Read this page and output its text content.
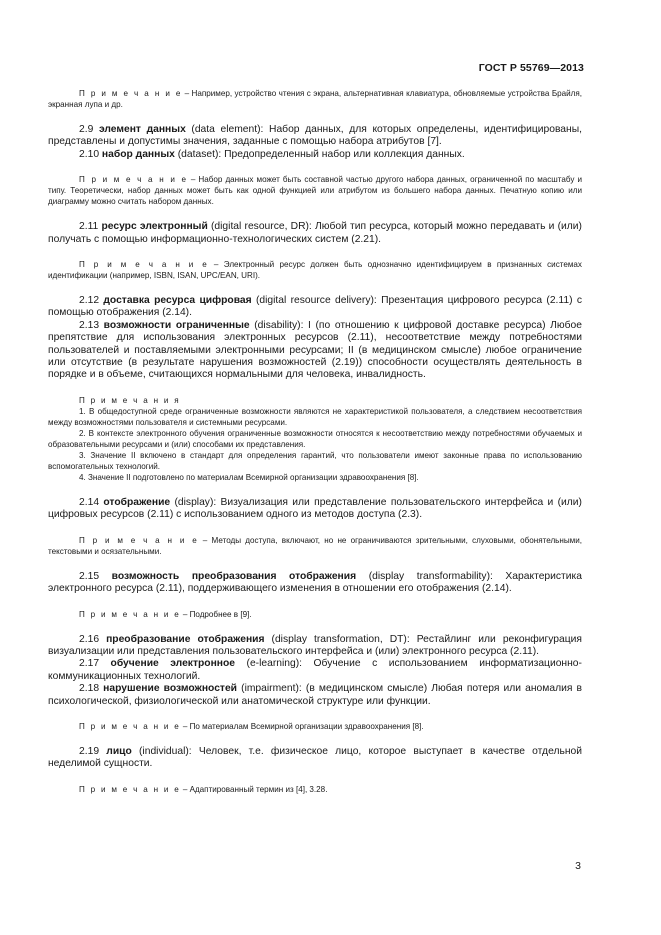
ГОСТ Р 55769—2013

П р и м е ч а н и е – Например, устройство чтения с экрана, альтернативная клавиатура, обновляемые устройства Брайля, экранная лупа и др.

2.9 элемент данных (data element): Набор данных, для которых определены, идентифицированы, представлены и допустимы значения, заданные с помощью набора атрибутов [7].

2.10 набор данных (dataset): Предопределенный набор или коллекция данных.

П р и м е ч а н и е – Набор данных может быть составной частью другого набора данных, ограниченной по масштабу и типу. Теоретически, набор данных может быть как одной функцией или атрибутом из большего набора данных. Печатную копию или диаграмму можно считать набором данных.

2.11 ресурс электронный (digital resource, DR): Любой тип ресурса, который можно передавать и (или) получать с помощью информационно-технологических систем (2.21).

П р и м е ч а н и е – Электронный ресурс должен быть однозначно идентифицируем в признанных системах идентификации (например, ISBN, ISAN, UPC/EAN, URI).

2.12 доставка ресурса цифровая (digital resource delivery): Презентация цифрового ресурса (2.11) с помощью отображения (2.14).

2.13 возможности ограниченные (disability): I (по отношению к цифровой доставке ресурса) Любое препятствие для использования электронных ресурсов (2.11), несоответствие между потребностями пользователей и поставляемыми электронными ресурсами; II (в медицинском смысле) любое ограничение или отсутствие (в результате нарушения возможностей (2.19)) способности осуществлять деятельность в порядке и в объеме, считающихся нормальными для человека, инвалидность.

П р и м е ч а н и я

1. В общедоступной среде ограниченные возможности являются не характеристикой пользователя, а следствием несоответствия между возможностями пользователя и системными ресурсами.

2. В контексте электронного обучения ограниченные возможности относятся к несоответствию между потребностями обучаемых и образовательными ресурсами и (или) способами их представления.

3. Значение II включено в стандарт для определения гарантий, что пользователи имеют законные права по использованию вспомогательных технологий.

4. Значение II подготовлено по материалам Всемирной организации здравоохранения [8].

2.14 отображение (display): Визуализация или представление пользовательского интерфейса и (или) цифровых ресурсов (2.11) с использованием одного из методов доступа (2.3).

П р и м е ч а н и е – Методы доступа, включают, но не ограничиваются зрительными, слуховыми, обонятельными, текстовыми и осязательными.

2.15 возможность преобразования отображения (display transformability): Характеристика электронного ресурса (2.11), поддерживающего изменения в отношении его отображения (2.14).

П р и м е ч а н и е – Подробнее в [9].

2.16 преобразование отображения (display transformation, DT): Рестайлинг или реконфигурация визуализации или представления пользовательского интерфейса и (или) электронного ресурса (2.11).

2.17 обучение электронное (e-learning): Обучение с использованием информатизационно-коммуникационных технологий.

2.18 нарушение возможностей (impairment): (в медицинском смысле) Любая потеря или аномалия в психологической, физиологической или анатомической структуре или функции.

П р и м е ч а н и е – По материалам Всемирной организации здравоохранения [8].

2.19 лицо (individual): Человек, т.е. физическое лицо, которое выступает в качестве отдельной неделимой сущности.

П р и м е ч а н и е – Адаптированный термин из [4], 3.28.

3
